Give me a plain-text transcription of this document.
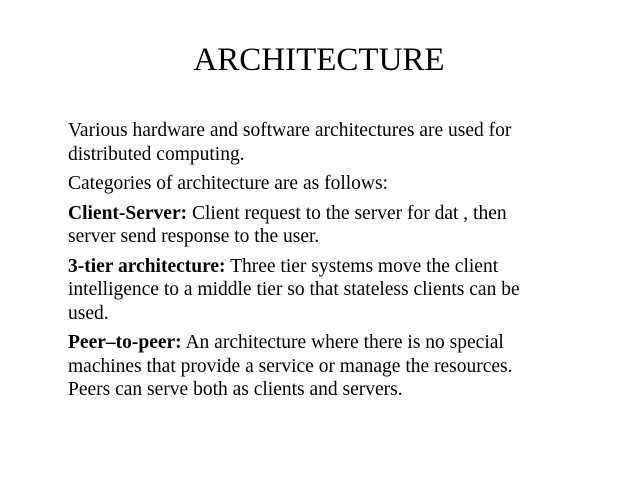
ARCHITECTURE

Various hardware and software architectures are used for
distributed computing.

Categories of architecture are as follows:

Client-Server: Client request to the server for dat , then
server send response to the user.

3-tier architecture: Three tier systems move the client
intelligence to a middle tier so that stateless clients can be
used.

Peer–to-peer: An architecture where there is no special
machines that provide a service or manage the resources.
Peers can serve both as clients and servers.
